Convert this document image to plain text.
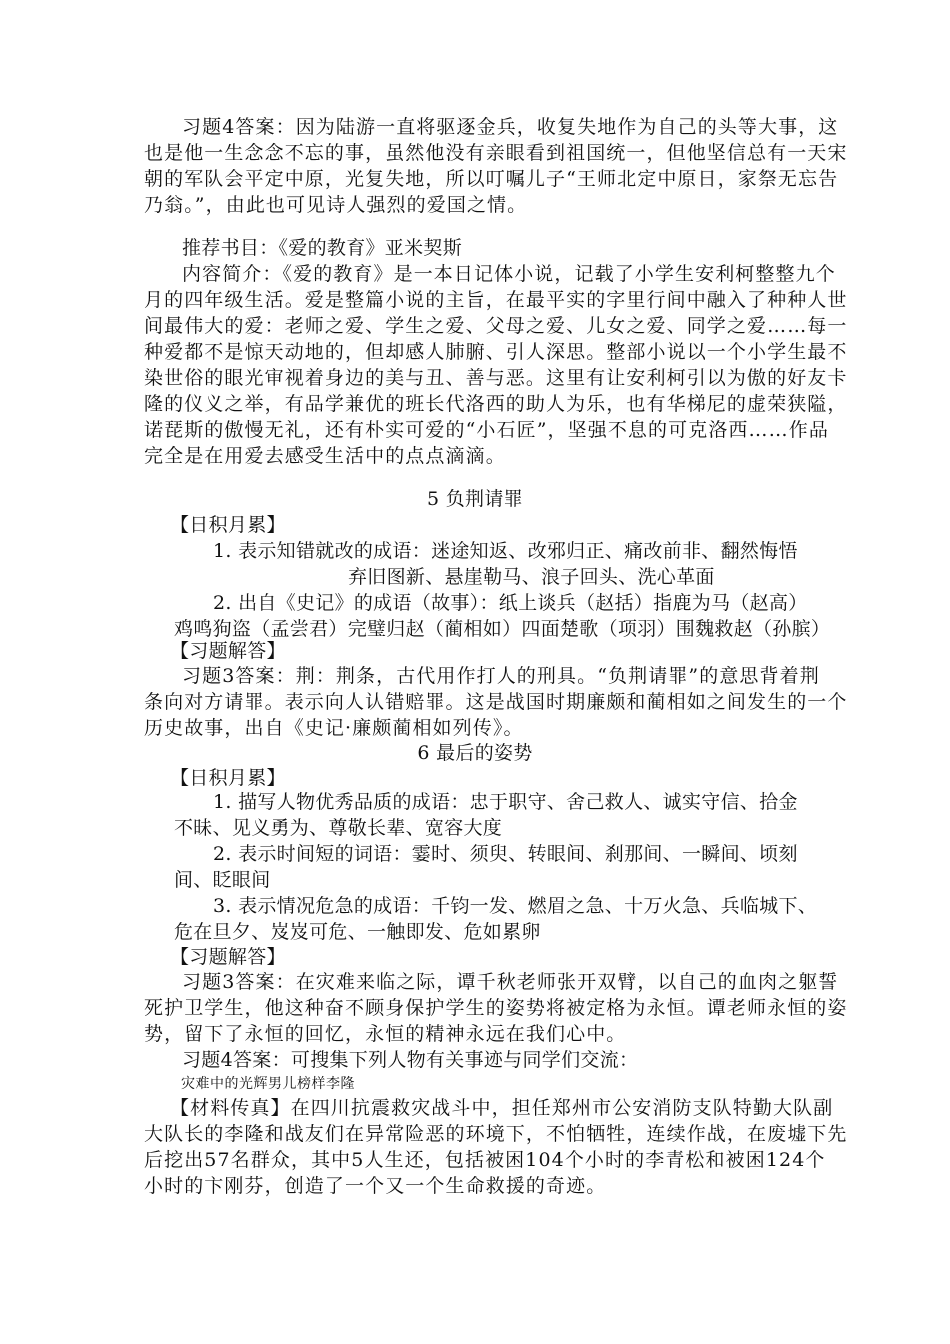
习题4答案：因为陆游一直将驱逐金兵，收复失地作为自己的头等大事，这
也是他一生念念不忘的事，虽然他没有亲眼看到祖国统一，但他坚信总有一天宋
朝的军队会平定中原，光复失地，所以叮嘱儿子“王师北定中原日，家祭无忘告
乃翁。”，由此也可见诗人强烈的爱国之情。
推荐书目：《爱的教育》亚米契斯
内容简介：《爱的教育》是一本日记体小说，记载了小学生安利柯整整九个
月的四年级生活。爱是整篇小说的主旨，在最平实的字里行间中融入了种种人世
间最伟大的爱：老师之爱、学生之爱、父母之爱、儿女之爱、同学之爱……每一
种爱都不是惊天动地的，但却感人肺腑、引人深思。整部小说以一个小学生最不
染世俗的眼光审视着身边的美与丑、善与恶。这里有让安利柯引以为傲的好友卡
隆的仪义之举，有品学兼优的班长代洛西的助人为乐，也有华梯尼的虚荣狭隘，
诺琵斯的傲慢无礼，还有朴实可爱的“小石匠”，坚强不息的可克洛西……作品
完全是在用爱去感受生活中的点点滴滴。
5 负荆请罪
【日积月累】
1. 表示知错就改的成语：迷途知返、改邪归正、痛改前非、翻然悔悟
弃旧图新、悬崖勒马、浪子回头、洗心革面
2. 出自《史记》的成语（故事）：纸上谈兵（赵括）指鹿为马（赵高）
鸡鸣狗盗（孟尝君）完璧归赵（蔺相如）四面楚歌（项羽）围魏救赵（孙膑）
【习题解答】
习题3答案：荆：荆条，古代用作打人的刑具。“负荆请罪”的意思背着荆
条向对方请罪。表示向人认错赔罪。这是战国时期廉颇和蔺相如之间发生的一个
历史故事，出自《史记·廉颇蔺相如列传》。
6 最后的姿势
【日积月累】
1. 描写人物优秀品质的成语：忠于职守、舍己救人、诚实守信、拾金
不昧、见义勇为、尊敬长辈、宽容大度
2. 表示时间短的词语：霎时、须臾、转眼间、刹那间、一瞬间、顷刻
间、眨眼间
3. 表示情况危急的成语：千钧一发、燃眉之急、十万火急、兵临城下、
危在旦夕、岌岌可危、一触即发、危如累卵
【习题解答】
习题3答案：在灾难来临之际，谭千秋老师张开双臂，以自己的血肉之躯誓
死护卫学生，他这种奋不顾身保护学生的姿势将被定格为永恒。谭老师永恒的姿
势，留下了永恒的回忆，永恒的精神永远在我们心中。
习题4答案：可搜集下列人物有关事迹与同学们交流：
灾难中的光辉男儿榜样李隆
【材料传真】在四川抗震救灾战斗中，担任郑州市公安消防支队特勤大队副
大队长的李隆和战友们在异常险恶的环境下，不怕牺牲，连续作战，在废墟下先
后挖出57名群众，其中5人生还，包括被困104个小时的李青松和被困124个
小时的卞刚芬，创造了一个又一个生命救援的奇迹。
